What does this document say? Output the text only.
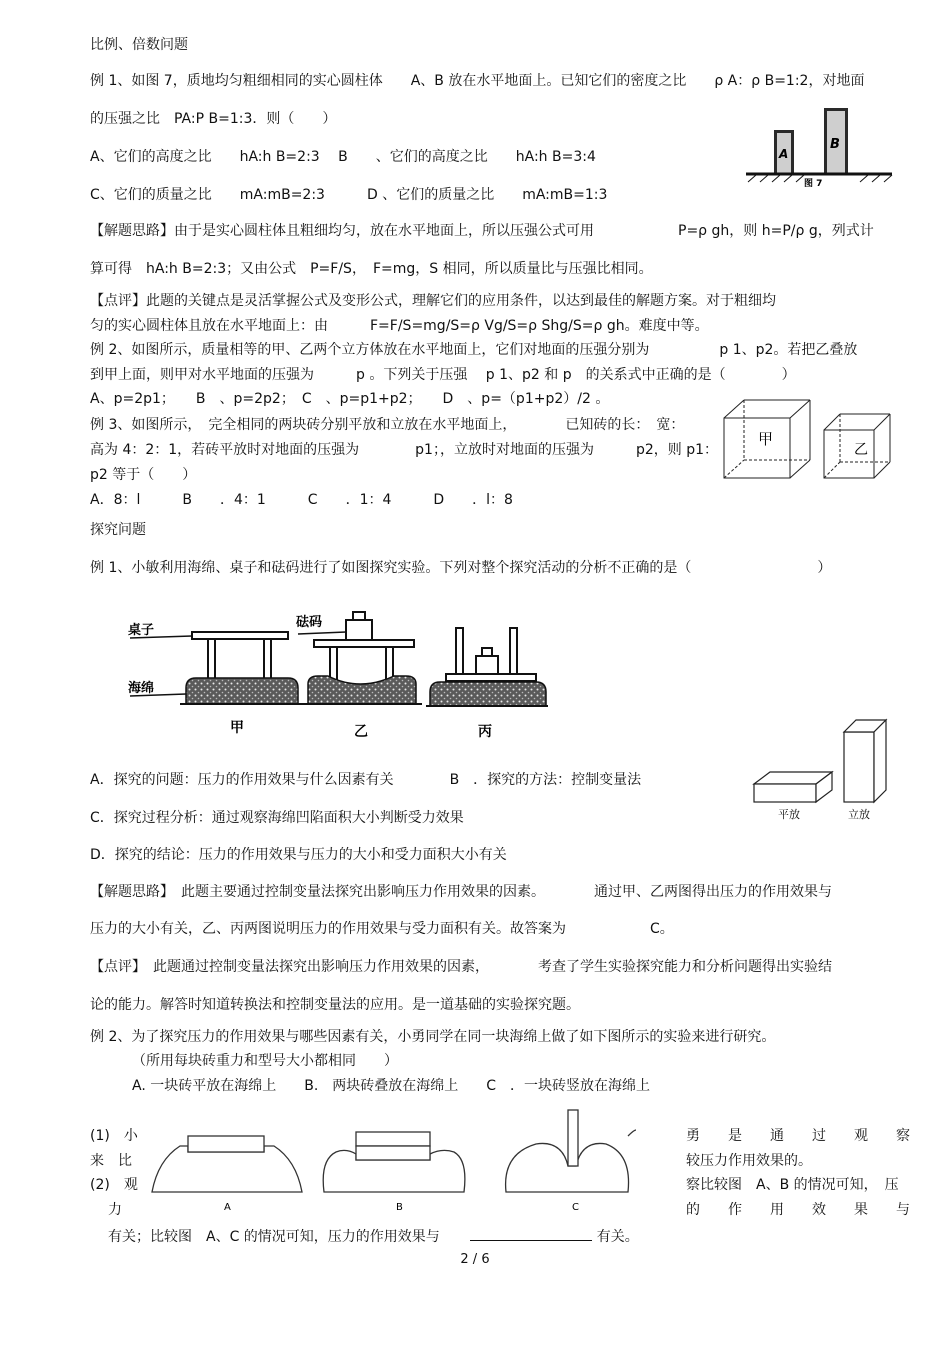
比例、倍数问题
例 1、如图 7，质地均匀粗细相同的实心圆柱体　　A、B 放在水平地面上。已知它们的密度之比　　ρ A：ρ B=1:2，对地面
的压强之比　PA:P B=1:3．则（　　）
A、它们的高度之比　　hA:h B=2:3　 B　　、它们的高度之比　　hA:h B=3:4
C、它们的质量之比　　mA:mB=2:3　　　D 、它们的质量之比　　mA:mB=1:3
A
B
图 7
【解题思路】由于是实心圆柱体且粗细均匀，放在水平地面上，所以压强公式可用　　　　　　P=ρ gh，则 h=P/ρ g，列式计
算可得　hA:h B=2:3；又由公式　P=F/S，　F=mg，S 相同，所以质量比与压强比相同。
【点评】此题的关键点是灵活掌握公式及变形公式，理解它们的应用条件，以达到最佳的解题方案。对于粗细均
匀的实心圆柱体且放在水平地面上：由　　　F=F/S=mg/S=ρ Vg/S=ρ Shg/S=ρ gh。难度中等。
例 2、如图所示，质量相等的甲、乙两个立方体放在水平地面上，它们对地面的压强分别为　　　　　p 1、p2。若把乙叠放
到甲上面，则甲对水平地面的压强为　　　p 。下列关于压强　 p 1、p2 和 p　的关系式中正确的是（　　　　）
A、p=2p1；　　B　、p=2p2；　C　、p=p1+p2；　　D　、p=（p1+p2）/2 。
甲
乙
例 3、如图所示，　完全相同的两块砖分别平放和立放在水平地面上，　　　　已知砖的长：　宽：
高为 4：2：1，若砖平放时对地面的压强为　　　　p1；，立放时对地面的压强为　　　p2，则 p1：
p2 等于（　　）
A．8：l　　　B　　．4：1　　　C　　．1：4　　　D　　．l：8
探究问题
例 1、小敏利用海绵、桌子和砝码进行了如图探究实验。下列对整个探究活动的分析不正确的是（　　　　　　　　　）
桌子
海绵
甲
砝码
乙	丙
平放	立放
A．探究的问题：压力的作用效果与什么因素有关　　　　B　．探究的方法：控制变量法
C．探究过程分析：通过观察海绵凹陷面积大小判断受力效果
D．探究的结论：压力的作用效果与压力的大小和受力面积大小有关
【解题思路】　此题主要通过控制变量法探究出影响压力作用效果的因素。　　　　通过甲、乙两图得出压力的作用效果与
压力的大小有关，乙、丙两图说明压力的作用效果与受力面积有关。故答案为　　　　　　C。
【点评】　此题通过控制变量法探究出影响压力作用效果的因素，　　　　考查了学生实验探究能力和分析问题得出实验结
论的能力。解答时知道转换法和控制变量法的应用。是一道基础的实验探究题。
例 2、为了探究压力的作用效果与哪些因素有关，小勇同学在同一块海绵上做了如下图所示的实验来进行研究。
（所用每块砖重力和型号大小都相同　　）
A. 一块砖平放在海绵上　　B.　两块砖叠放在海绵上　　C　．一块砖竖放在海绵上
A	B	C
(1)　小	勇　　是　　通　　过　　观　　察
来　比	较压力作用效果的。
(2)　观	察比较图　A、B 的情况可知，　压
力	的　　作　　用　　效　　果　　与
有关；比较图　A、C 的情况可知，压力的作用效果与	有关。
2 / 6
